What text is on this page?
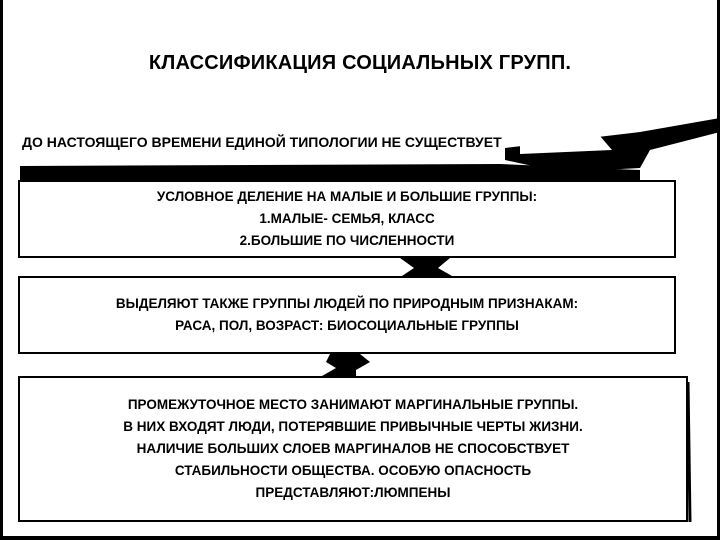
КЛАССИФИКАЦИЯ СОЦИАЛЬНЫХ ГРУПП.
ДО НАСТОЯЩЕГО ВРЕМЕНИ ЕДИНОЙ ТИПОЛОГИИ НЕ СУЩЕСТВУЕТ
УСЛОВНОЕ ДЕЛЕНИЕ НА МАЛЫЕ И БОЛЬШИЕ ГРУППЫ:
1.МАЛЫЕ- СЕМЬЯ, КЛАСС
2.БОЛЬШИЕ ПО ЧИСЛЕННОСТИ
ВЫДЕЛЯЮТ ТАКЖЕ ГРУППЫ ЛЮДЕЙ ПО ПРИРОДНЫМ ПРИЗНАКАМ:
РАСА, ПОЛ, ВОЗРАСТ: БИОСОЦИАЛЬНЫЕ ГРУППЫ
ПРОМЕЖУТОЧНОЕ МЕСТО ЗАНИМАЮТ МАРГИНАЛЬНЫЕ ГРУППЫ.
В НИХ ВХОДЯТ ЛЮДИ, ПОТЕРЯВШИЕ ПРИВЫЧНЫЕ ЧЕРТЫ ЖИЗНИ.
НАЛИЧИЕ БОЛЬШИХ СЛОЕВ МАРГИНАЛОВ НЕ СПОСОБСТВУЕТ
СТАБИЛЬНОСТИ ОБЩЕСТВА. ОСОБУЮ ОПАСНОСТЬ
ПРЕДСТАВЛЯЮТ:ЛЮМПЕНЫ
